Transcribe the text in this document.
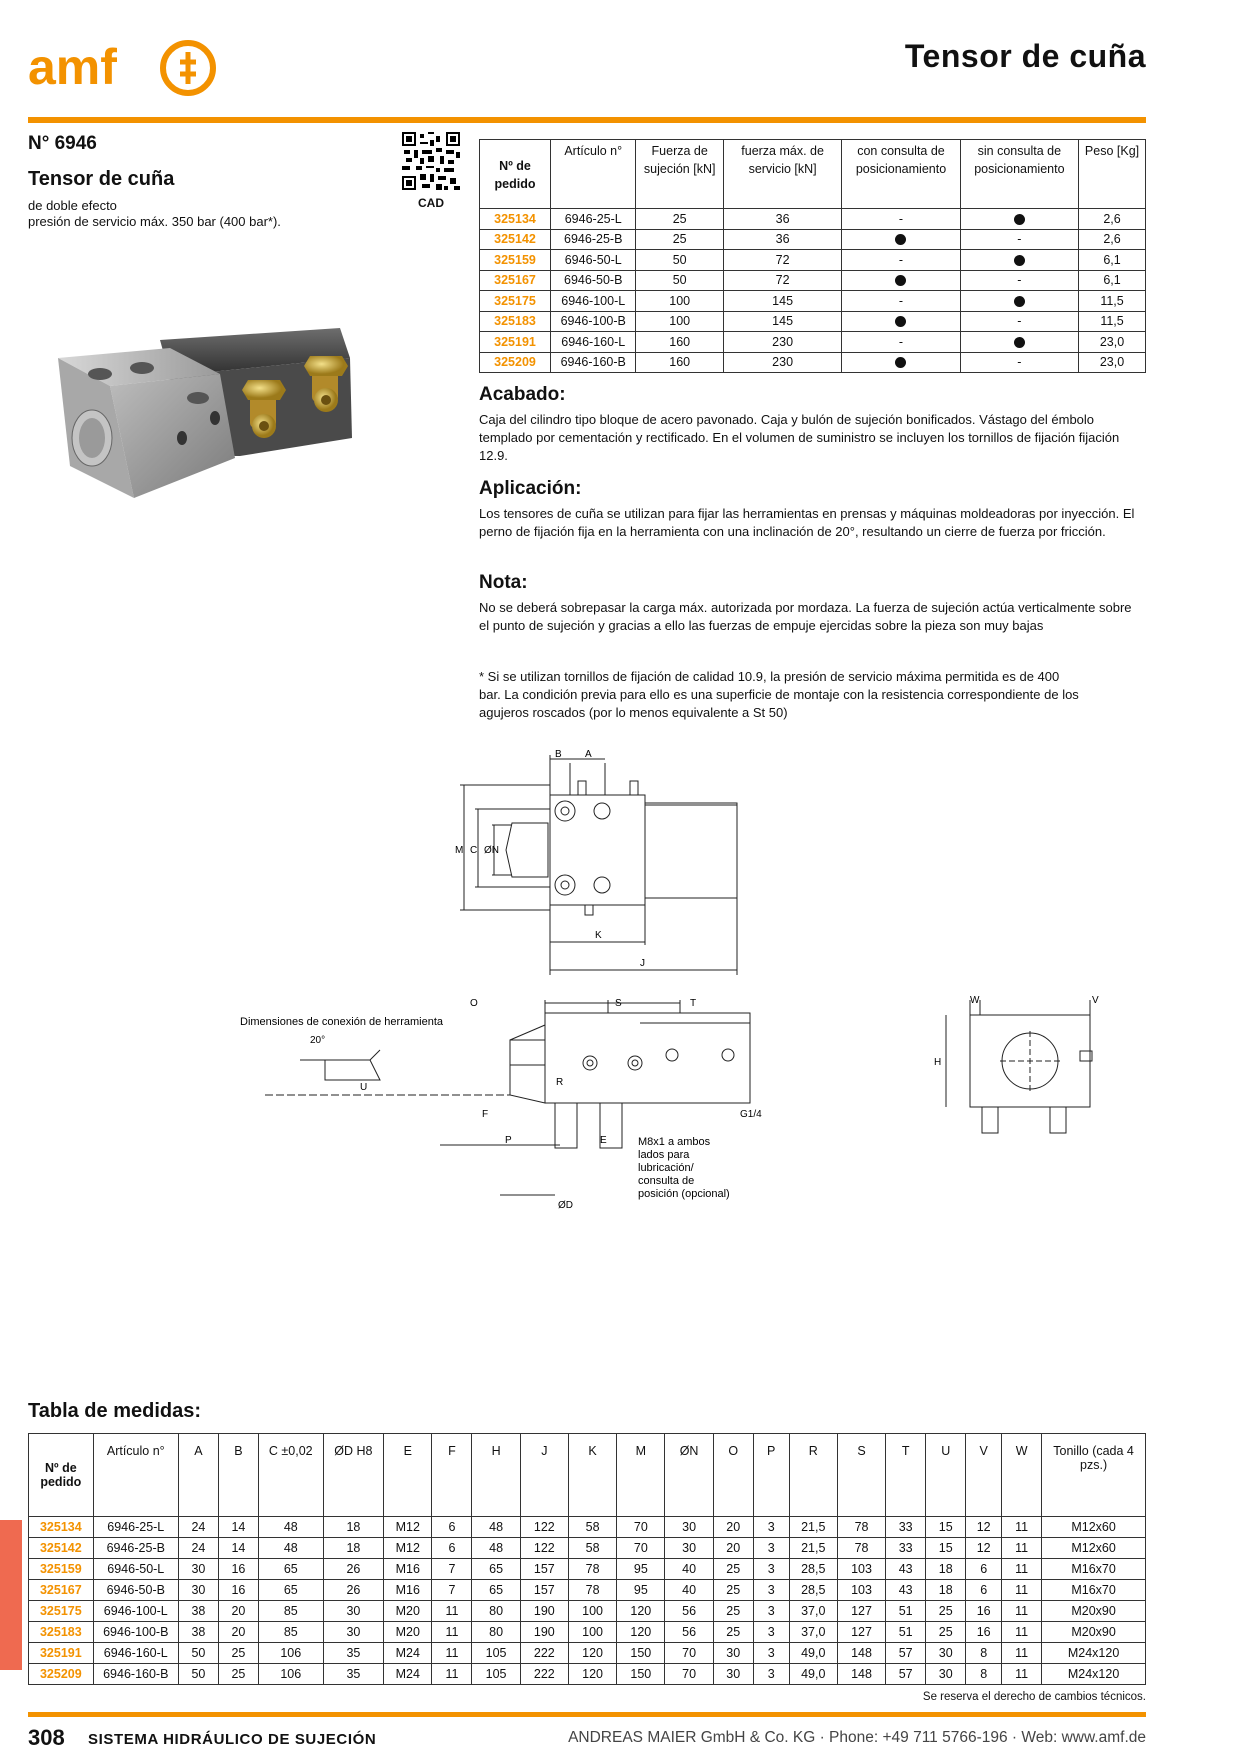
amf	Tensor de cuña
N° 6946
Tensor de cuña
de doble efecto
presión de servicio máx. 350 bar (400 bar*).
CAD
Nº de pedido	Artículo n°	Fuerza de sujeción [kN]	fuerza máx. de servicio [kN]	con consulta de posicionamiento	sin consulta de posicionamiento	Peso [Kg]
325134	6946-25-L	25	36	-		2,6
325142	6946-25-B	25	36		-	2,6
325159	6946-50-L	50	72	-		6,1
325167	6946-50-B	50	72		-	6,1
325175	6946-100-L	100	145	-		11,5
325183	6946-100-B	100	145		-	11,5
325191	6946-160-L	160	230	-		23,0
325209	6946-160-B	160	230		-	23,0
Acabado:
Caja del cilindro tipo bloque de acero pavonado. Caja y bulón de sujeción bonificados. Vástago del émbolo templado por cementación y rectificado. En el volumen de suministro se incluyen los tornillos de fijación fijación 12.9.
Aplicación:
Los tensores de cuña se utilizan para fijar las herramientas en prensas y máquinas moldeadoras por inyección. El perno de fijación fija en la herramienta con una inclinación de 20°, resultando un cierre de fuerza por fricción.
Nota:
No se deberá sobrepasar la carga máx. autorizada por mordaza. La fuerza de sujeción actúa verticalmente sobre el punto de sujeción y gracias a ello las fuerzas de empuje ejercidas sobre la pieza son muy bajas
* Si se utilizan tornillos de fijación de calidad 10.9, la presión de servicio máxima permitida es de 400 bar. La condición previa para ello es una superficie de montaje con la resistencia correspondiente de los agujeros roscados (por lo menos equivalente a St 50)
B A
M C ØN
K
J
Dimensiones de conexión de herramienta
20°
U
O	S	T
R
F
P	E
ØD
G1/4
M8x1 a ambos
lados para
lubricación/
consulta de
posición (opcional)
W	V
H
Tabla de medidas:
Nº de pedido	Artículo n°	A	B	C ±0,02	ØD H8	E	F	H	J	K	M	ØN	O	P	R	S	T	U	V	W	Tonillo (cada 4 pzs.)
325134	6946-25-L	24	14	48	18	M12	6	48	122	58	70	30	20	3	21,5	78	33	15	12	11	M12x60
325142	6946-25-B	24	14	48	18	M12	6	48	122	58	70	30	20	3	21,5	78	33	15	12	11	M12x60
325159	6946-50-L	30	16	65	26	M16	7	65	157	78	95	40	25	3	28,5	103	43	18	6	11	M16x70
325167	6946-50-B	30	16	65	26	M16	7	65	157	78	95	40	25	3	28,5	103	43	18	6	11	M16x70
325175	6946-100-L	38	20	85	30	M20	11	80	190	100	120	56	25	3	37,0	127	51	25	16	11	M20x90
325183	6946-100-B	38	20	85	30	M20	11	80	190	100	120	56	25	3	37,0	127	51	25	16	11	M20x90
325191	6946-160-L	50	25	106	35	M24	11	105	222	120	150	70	30	3	49,0	148	57	30	8	11	M24x120
325209	6946-160-B	50	25	106	35	M24	11	105	222	120	150	70	30	3	49,0	148	57	30	8	11	M24x120
Se reserva el derecho de cambios técnicos.
308 SISTEMA HIDRÁULICO DE SUJECIÓN	ANDREAS MAIER GmbH & Co. KG · Phone: +49 711 5766-196 · Web: www.amf.de
